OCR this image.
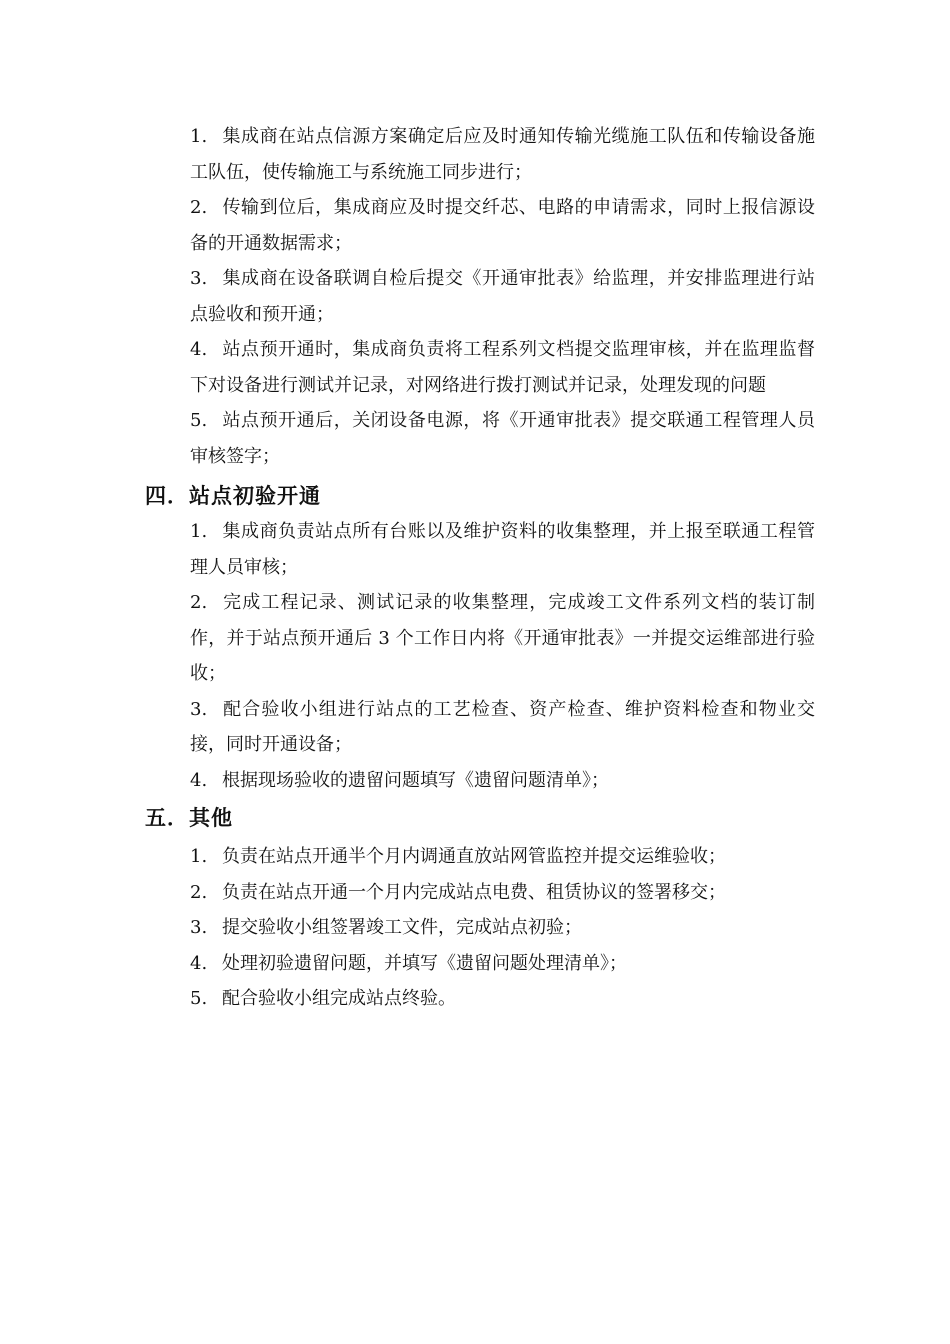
1. 集成商在站点信源方案确定后应及时通知传输光缆施工队伍和传输设备施工队伍，使传输施工与系统施工同步进行；
2. 传输到位后，集成商应及时提交纤芯、电路的申请需求，同时上报信源设备的开通数据需求；
3. 集成商在设备联调自检后提交《开通审批表》给监理，并安排监理进行站点验收和预开通；
4. 站点预开通时，集成商负责将工程系列文档提交监理审核，并在监理监督下对设备进行测试并记录，对网络进行拨打测试并记录，处理发现的问题
5. 站点预开通后，关闭设备电源，将《开通审批表》提交联通工程管理人员审核签字；
四．站点初验开通
1. 集成商负责站点所有台账以及维护资料的收集整理，并上报至联通工程管理人员审核；
2. 完成工程记录、测试记录的收集整理，完成竣工文件系列文档的装订制作，并于站点预开通后 3 个工作日内将《开通审批表》一并提交运维部进行验收；
3. 配合验收小组进行站点的工艺检查、资产检查、维护资料检查和物业交接，同时开通设备；
4. 根据现场验收的遗留问题填写《遗留问题清单》；
五．其他
1. 负责在站点开通半个月内调通直放站网管监控并提交运维验收；
2. 负责在站点开通一个月内完成站点电费、租赁协议的签署移交；
3. 提交验收小组签署竣工文件，完成站点初验；
4. 处理初验遗留问题，并填写《遗留问题处理清单》；
5. 配合验收小组完成站点终验。
